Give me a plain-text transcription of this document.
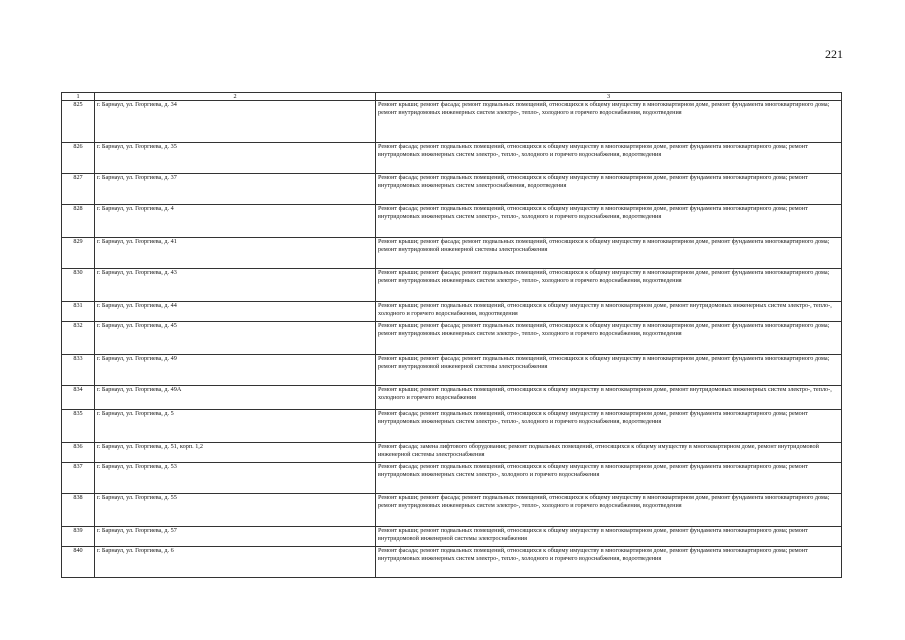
221
1	2	3
825	г. Барнаул, ул. Георгиева, д. 34	Ремонт крыши; ремонт фасада; ремонт подвальных помещений, относящихся к общему имуществу в многоквартирном доме, ремонт фундамента многоквартирного дома; ремонт внутридомовых инженерных систем электро-, тепло-, холодного и горячего водоснабжения, водоотведения
826	г. Барнаул, ул. Георгиева, д. 35	Ремонт фасада; ремонт подвальных помещений, относящихся к общему имуществу в многоквартирном доме, ремонт фундамента многоквартирного дома; ремонт внутридомовых инженерных систем электро-, тепло-, холодного и горячего водоснабжения, водоотведения
827	г. Барнаул, ул. Георгиева, д. 37	Ремонт фасада; ремонт подвальных помещений, относящихся к общему имуществу в многоквартирном доме, ремонт фундамента многоквартирного дома; ремонт внутридомовых инженерных систем электроснабжения, водоотведения
828	г. Барнаул, ул. Георгиева, д. 4	Ремонт фасада; ремонт подвальных помещений, относящихся к общему имуществу в многоквартирном доме, ремонт фундамента многоквартирного дома; ремонт внутридомовых инженерных систем электро-, тепло-, холодного и горячего водоснабжения, водоотведения
829	г. Барнаул, ул. Георгиева, д. 41	Ремонт крыши; ремонт фасада; ремонт подвальных помещений, относящихся к общему имуществу в многоквартирном доме, ремонт фундамента многоквартирного дома; ремонт внутридомовой инженерной системы электроснабжения
830	г. Барнаул, ул. Георгиева, д. 43	Ремонт крыши; ремонт фасада; ремонт подвальных помещений, относящихся к общему имуществу в многоквартирном доме, ремонт фундамента многоквартирного дома; ремонт внутридомовых инженерных систем электро-, тепло-, холодного и горячего водоснабжения, водоотведения
831	г. Барнаул, ул. Георгиева, д. 44	Ремонт крыши; ремонт подвальных помещений, относящихся к общему имуществу в многоквартирном доме, ремонт внутридомовых инженерных систем электро-, тепло-, холодного и горячего водоснабжения, водоотведения
832	г. Барнаул, ул. Георгиева, д. 45	Ремонт крыши; ремонт фасада; ремонт подвальных помещений, относящихся к общему имуществу в многоквартирном доме, ремонт фундамента многоквартирного дома; ремонт внутридомовых инженерных систем электро-, тепло-, холодного и горячего водоснабжения, водоотведения
833	г. Барнаул, ул. Георгиева, д. 49	Ремонт крыши; ремонт фасада; ремонт подвальных помещений, относящихся к общему имуществу в многоквартирном доме, ремонт фундамента многоквартирного дома; ремонт внутридомовой инженерной системы электроснабжения
834	г. Барнаул, ул. Георгиева, д. 49А	Ремонт крыши; ремонт подвальных помещений, относящихся к общему имуществу в многоквартирном доме, ремонт внутридомовых инженерных систем электро-, тепло-, холодного и горячего водоснабжения
835	г. Барнаул, ул. Георгиева, д. 5	Ремонт фасада; ремонт подвальных помещений, относящихся к общему имуществу в многоквартирном доме, ремонт фундамента многоквартирного дома; ремонт внутридомовых инженерных систем электро-, тепло-, холодного и горячего водоснабжения, водоотведения
836	г. Барнаул, ул. Георгиева, д. 51, корп. 1,2	Ремонт фасада; замена лифтового оборудования; ремонт подвальных помещений, относящихся к общему имуществу в многоквартирном доме, ремонт внутридомовой инженерной системы электроснабжения
837	г. Барнаул, ул. Георгиева, д. 53	Ремонт фасада; ремонт подвальных помещений, относящихся к общему имуществу в многоквартирном доме, ремонт фундамента многоквартирного дома; ремонт внутридомовых инженерных систем электро-, холодного и горячего водоснабжения
838	г. Барнаул, ул. Георгиева, д. 55	Ремонт крыши; ремонт фасада; ремонт подвальных помещений, относящихся к общему имуществу в многоквартирном доме, ремонт фундамента многоквартирного дома; ремонт внутридомовых инженерных систем электро-, тепло-, холодного и горячего водоснабжения, водоотведения
839	г. Барнаул, ул. Георгиева, д. 57	Ремонт крыши; ремонт подвальных помещений, относящихся к общему имуществу в многоквартирном доме, ремонт фундамента многоквартирного дома; ремонт внутридомовой инженерной системы электроснабжения
840	г. Барнаул, ул. Георгиева, д. 6	Ремонт фасада; ремонт подвальных помещений, относящихся к общему имуществу в многоквартирном доме, ремонт фундамента многоквартирного дома; ремонт внутридомовых инженерных систем электро-, тепло-, холодного и горячего водоснабжения, водоотведения
